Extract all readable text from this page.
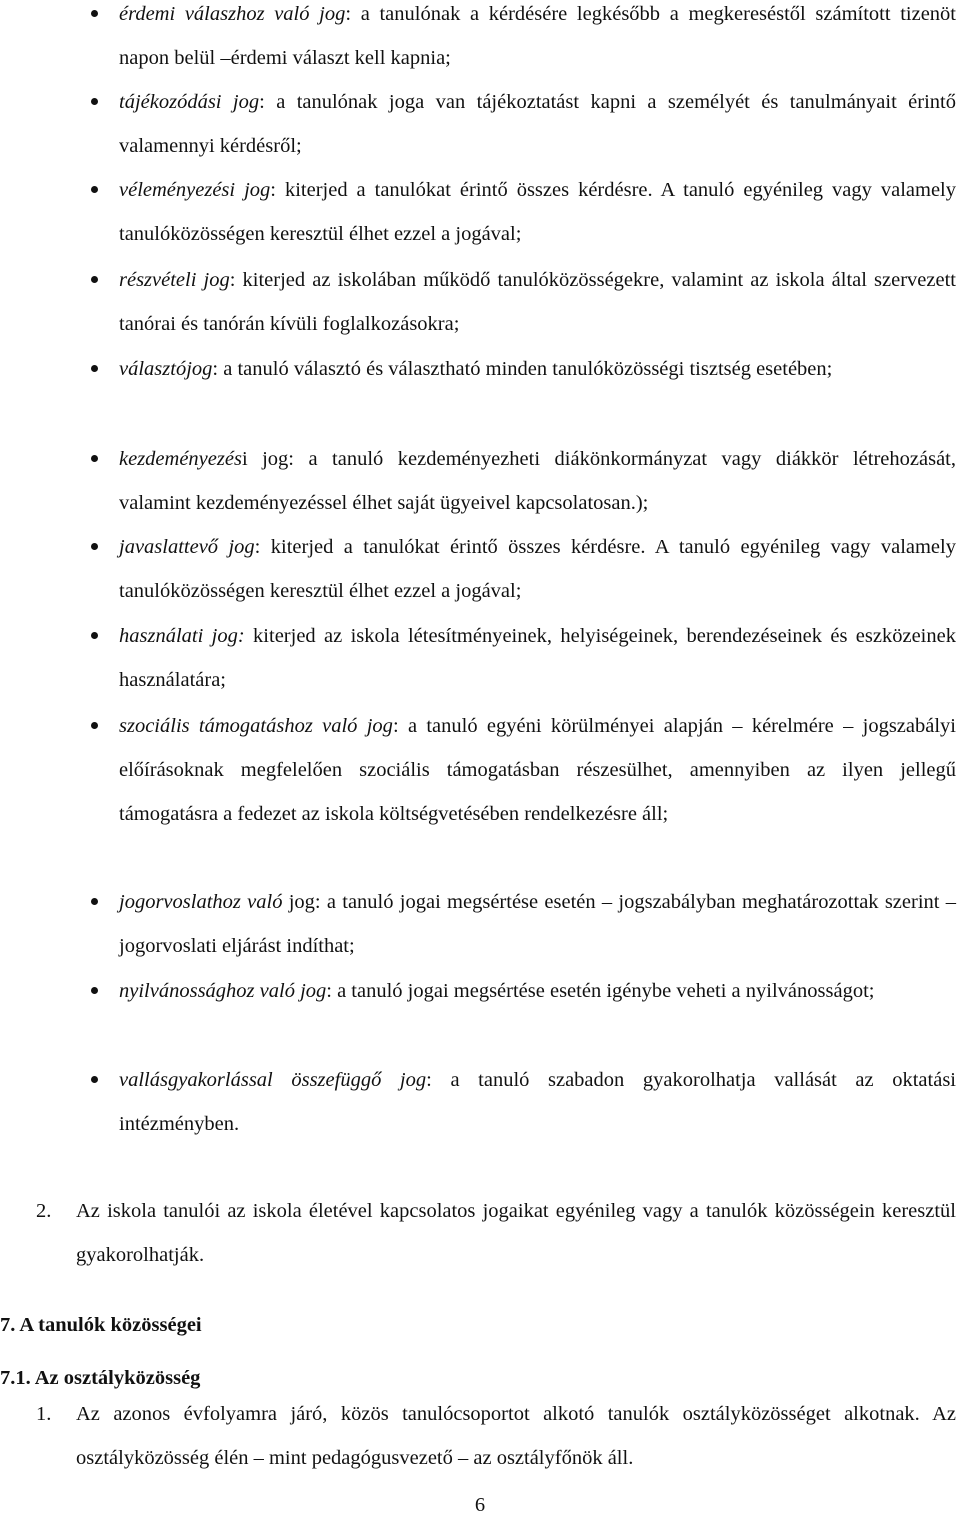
érdemi válaszhoz való jog: a tanulónak a kérdésére legkésőbb a megkereséstől számított tizenöt napon belül –érdemi választ kell kapnia;
tájékozódási jog: a tanulónak joga van tájékoztatást kapni a személyét és tanulmányait érintő valamennyi kérdésről;
véleményezési jog: kiterjed a tanulókat érintő összes kérdésre. A tanuló egyénileg vagy valamely tanulóközösségen keresztül élhet ezzel a jogával;
részvételi jog: kiterjed az iskolában működő tanulóközösségekre, valamint az iskola által szervezett tanórai és tanórán kívüli foglalkozásokra;
választójog: a tanuló választó és választható minden tanulóközösségi tisztség esetében;
kezdeményezési jog: a tanuló kezdeményezheti diákönkormányzat vagy diákkör létrehozását, valamint kezdeményezéssel élhet saját ügyeivel kapcsolatosan.);
javaslattevő jog: kiterjed a tanulókat érintő összes kérdésre. A tanuló egyénileg vagy valamely tanulóközösségen keresztül élhet ezzel a jogával;
használati jog: kiterjed az iskola létesítményeinek, helyiségeinek, berendezéseinek és eszközeinek használatára;
szociális támogatáshoz való jog: a tanuló egyéni körülményei alapján – kérelmére – jogszabályi előírásoknak megfelelően szociális támogatásban részesülhet, amennyiben az ilyen jellegű támogatásra a fedezet az iskola költségvetésében rendelkezésre áll;
jogorvoslathoz való jog: a tanuló jogai megsértése esetén – jogszabályban meghatározottak szerint – jogorvoslati eljárást indíthat;
nyilvánossághoz való jog: a tanuló jogai megsértése esetén igénybe veheti a nyilvánosságot;
vallásgyakorlással összefüggő jog: a tanuló szabadon gyakorolhatja vallását az oktatási intézményben.
2. Az iskola tanulói az iskola életével kapcsolatos jogaikat egyénileg vagy a tanulók közösségein keresztül gyakorolhatják.
7. A tanulók közösségei
7.1. Az osztályközösség
1. Az azonos évfolyamra járó, közös tanulócsoportot alkotó tanulók osztályközösséget alkotnak. Az osztályközösség élén – mint pedagógusvezető – az osztályfőnök áll.
6
